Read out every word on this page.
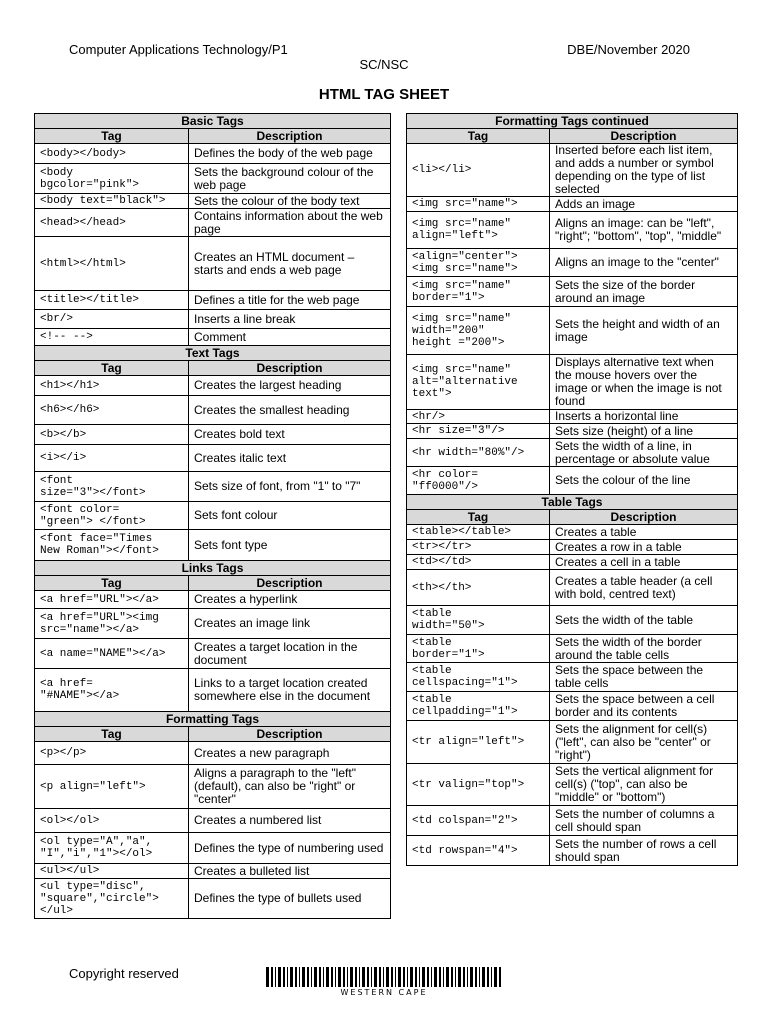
Computer Applications Technology/P1	DBE/November 2020
SC/NSC
HTML TAG SHEET
Basic Tags	
Tag	Description
<body></body>	Defines the body of the web page
<body
bgcolor="pink">	Sets the background colour of the web page
<body text="black">	Sets the colour of the body text
<head></head>	Contains information about the web page
<html></html>	Creates an HTML document – starts and ends a web page
<title></title>	Defines a title for the web page
<br/>	Inserts a line break
<!-- -->	Comment
Text Tags	
Tag	Description
<h1></h1>	Creates the largest heading
<h6></h6>	Creates the smallest heading
<b></b>	Creates bold text
<i></i>	Creates italic text
<font
size="3"></font>	Sets size of font, from "1" to "7"
<font color=
"green"> </font>	Sets font colour
<font face="Times
New Roman"></font>	Sets font type
Links Tags	
Tag	Description
<a href="URL"></a>	Creates a hyperlink
<a href="URL"><img
src="name"></a>	Creates an image link
<a name="NAME"></a>	Creates a target location in the document
<a href=
"#NAME"></a>	Links to a target location created somewhere else in the document
Formatting Tags	
Tag	Description
<p></p>	Creates a new paragraph
<p align="left">	Aligns a paragraph to the "left" (default), can also be "right" or "center"
<ol></ol>	Creates a numbered list
<ol type="A","a",
"I","i","1"></ol>	Defines the type of numbering used
<ul></ul>	Creates a bulleted list
<ul type="disc",
"square","circle">
</ul>	Defines the type of bullets used
Formatting Tags continued	
Tag	Description
<li></li>	Inserted before each list item, and adds a number or symbol depending on the type of list selected
<img src="name">	Adds an image
<img src="name"
align="left">	Aligns an image: can be "left", "right"; "bottom", "top", "middle"
<align="center">
<img src="name">	Aligns an image to the "center"
<img src="name"
border="1">	Sets the size of the border around an image
<img src="name"
width="200"
height ="200">	Sets the height and width of an image
<img src="name"
alt="alternative
text">	Displays alternative text when the mouse hovers over the image or when the image is not found
<hr/>	Inserts a horizontal line
<hr size="3"/>	Sets size (height) of a line
<hr width="80%"/>	Sets the width of a line, in percentage or absolute value
<hr color=
"ff0000"/>	Sets the colour of the line
Table Tags	
Tag	Description
<table></table>	Creates a table
<tr></tr>	Creates a row in a table
<td></td>	Creates a cell in a table
<th></th>	Creates a table header (a cell with bold, centred text)
<table
width="50">	Sets the width of the table
<table
border="1">	Sets the width of the border around the table cells
<table
cellspacing="1">	Sets the space between the table cells
<table
cellpadding="1">	Sets the space between a cell border and its contents
<tr align="left">	Sets the alignment for cell(s) ("left", can also be "center" or "right")
<tr valign="top">	Sets the vertical alignment for cell(s) ("top", can also be "middle" or "bottom")
<td colspan="2">	Sets the number of columns a cell should span
<td rowspan="4">	Sets the number of rows a cell should span
Copyright reserved
WESTERN CAPE
